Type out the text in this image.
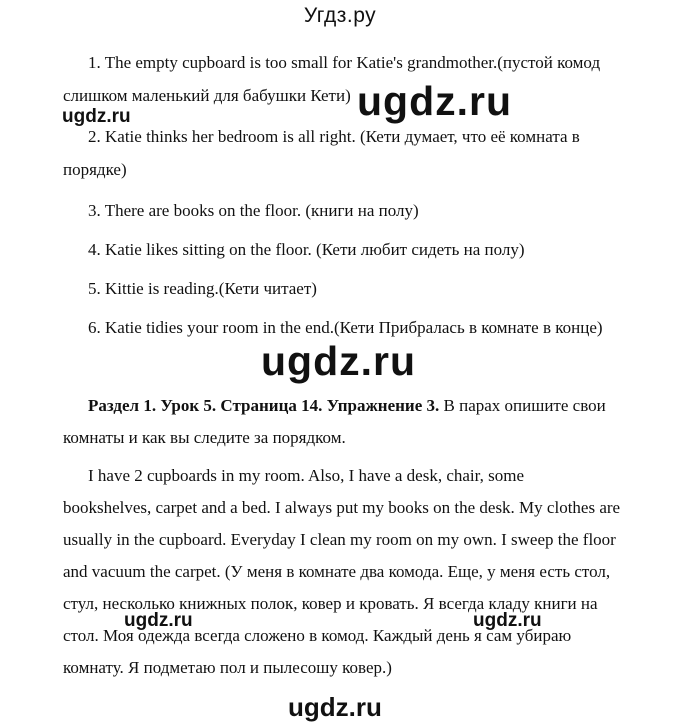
Угдз.ру
1. The empty cupboard is too small for Katie's grandmother.(пустой комод
слишком маленький для бабушки Кети)
2. Katie thinks her bedroom is all right. (Кети думает, что её комната в
порядке)
3. There are books on the floor. (книги на полу)
4. Katie likes sitting on the floor. (Кети любит сидеть на полу)
5. Kittie is reading.(Кети читает)
6. Katie tidies your room in the end.(Кети Прибралась в комнате в конце)
Раздел 1. Урок 5. Страница 14. Упражнение 3. В парах опишите свои
комнаты и как вы следите за порядком.
I have 2 cupboards in my room. Also, I have a desk, chair, some
bookshelves, carpet and a bed. I always put my books on the desk. My clothes are
usually in the cupboard. Everyday I clean my room on my own. I sweep the floor
and vacuum the carpet. (У меня в комнате два комода. Еще, у меня есть стол,
стул, несколько книжных полок, ковер и кровать. Я всегда кладу книги на
стол. Моя одежда всегда сложено в комод. Каждый день я сам убираю
комнату. Я подметаю пол и пылесошу ковер.)
ugdz.ru
ugdz.ru
ugdz.ru
ugdz.ru	ugdz.ru
ugdz.ru
